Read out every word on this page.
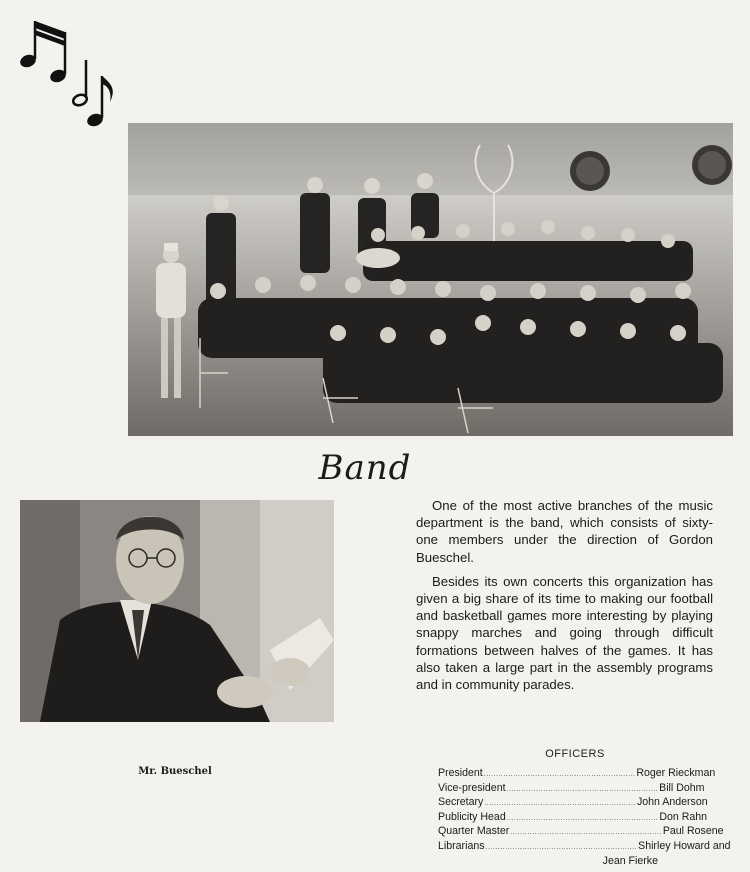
Band
Mr. Bueschel

One of the most active branches of the music department is the band, which consists of sixty-one members under the direction of Gordon Bueschel.

Besides its own concerts this organization has given a big share of its time to making our football and basketball games more interesting by playing snappy marches and going through difficult formations between halves of the games. It has also taken a large part in the assembly programs and in community parades.

OFFICERS
President .............................................................. Roger Rieckman
Vice-president .............................................................. Bill Dohm
Secretary .............................................................. John Anderson
Publicity Head .............................................................. Don Rahn
Quarter Master .............................................................. Paul Rosene
Librarians .............................................................. Shirley Howard and
Jean Fierke
